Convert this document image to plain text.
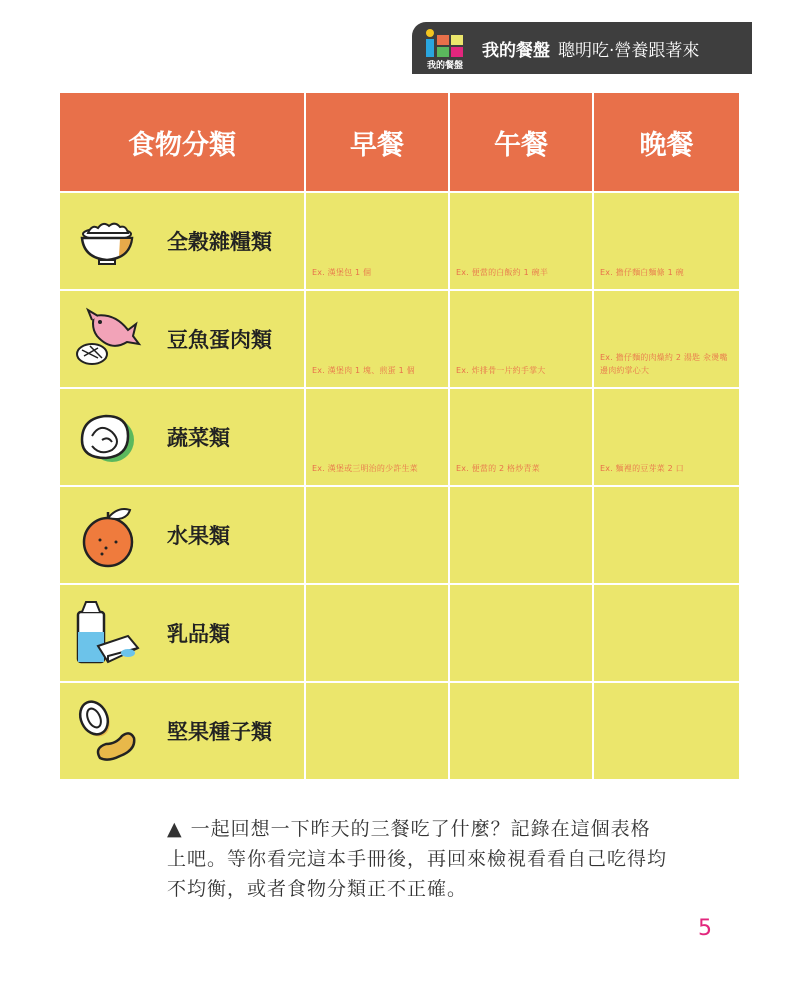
我的餐盤
我的餐盤 聰明吃·營養跟著來
食物分類	早餐	午餐	晚餐

全穀雜糧類	Ex. 漢堡包 1 個	Ex. 便當的白飯約 1 碗半	Ex. 擔仔麵白麵條 1 碗

豆魚蛋肉類	Ex. 漢堡肉 1 塊、煎蛋 1 個	Ex. 炸排骨一片約手掌大	Ex. 擔仔麵的肉燥約 2 湯匙 汆燙嘴邊肉約掌心大

蔬菜類	Ex. 漢堡或三明治的少許生菜	Ex. 便當的 2 格炒青菜	Ex. 麵裡的豆芽菜 2 口

水果類			

乳品類			

堅果種子類			

▲ 一起回想一下昨天的三餐吃了什麼？記錄在這個表格上吧。等你看完這本手冊後，再回來檢視看看自己吃得均不均衡，或者食物分類正不正確。
5
